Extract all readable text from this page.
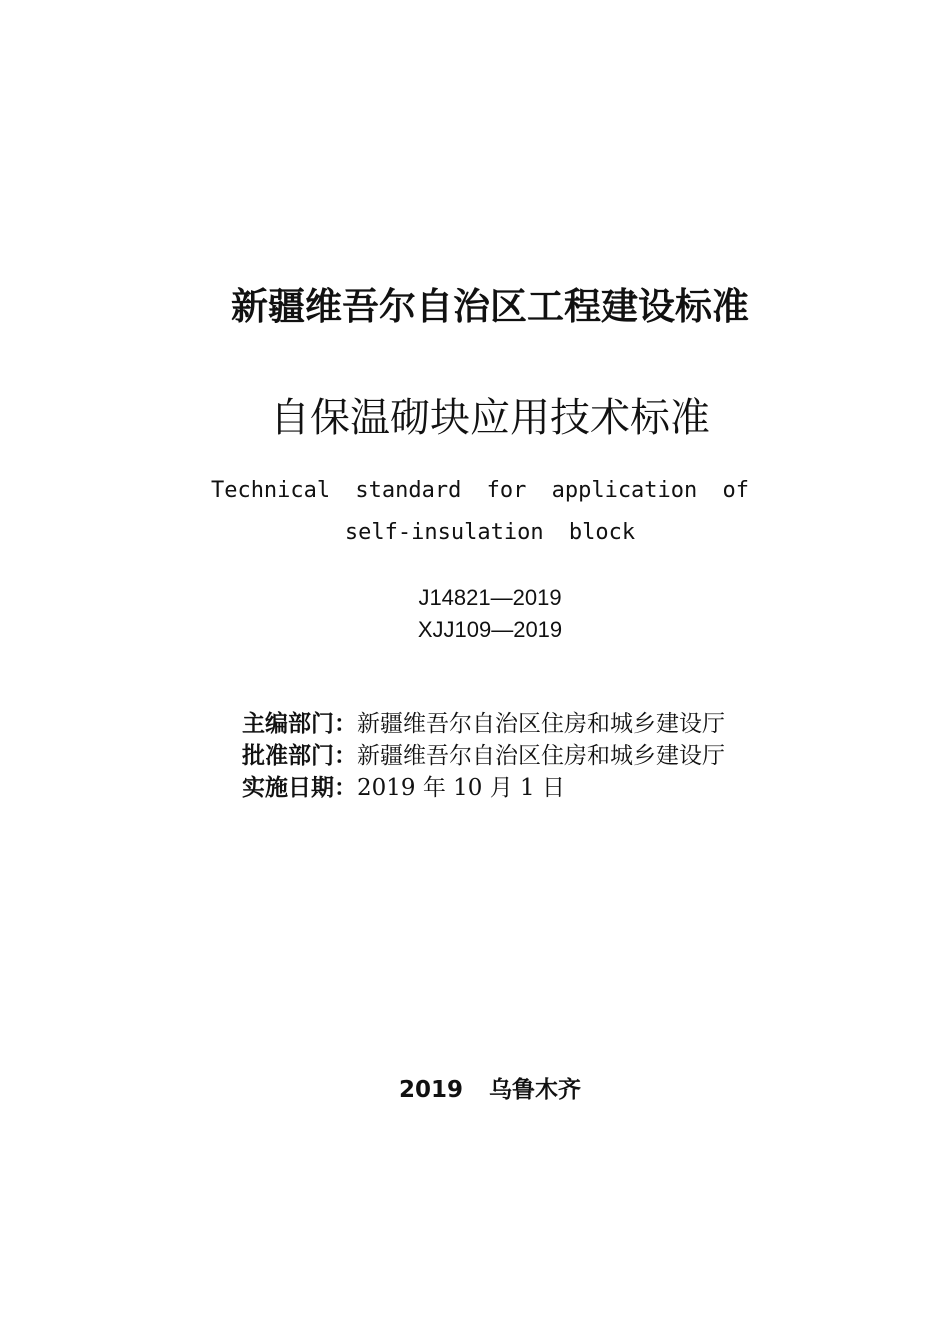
新疆维吾尔自治区工程建设标准
自保温砌块应用技术标准
Technical standard for application of
self-insulation block
J14821—2019
XJJ109—2019
主编部门：新疆维吾尔自治区住房和城乡建设厅
批准部门：新疆维吾尔自治区住房和城乡建设厅
实施日期：2019 年 10 月 1 日
2019 乌鲁木齐
